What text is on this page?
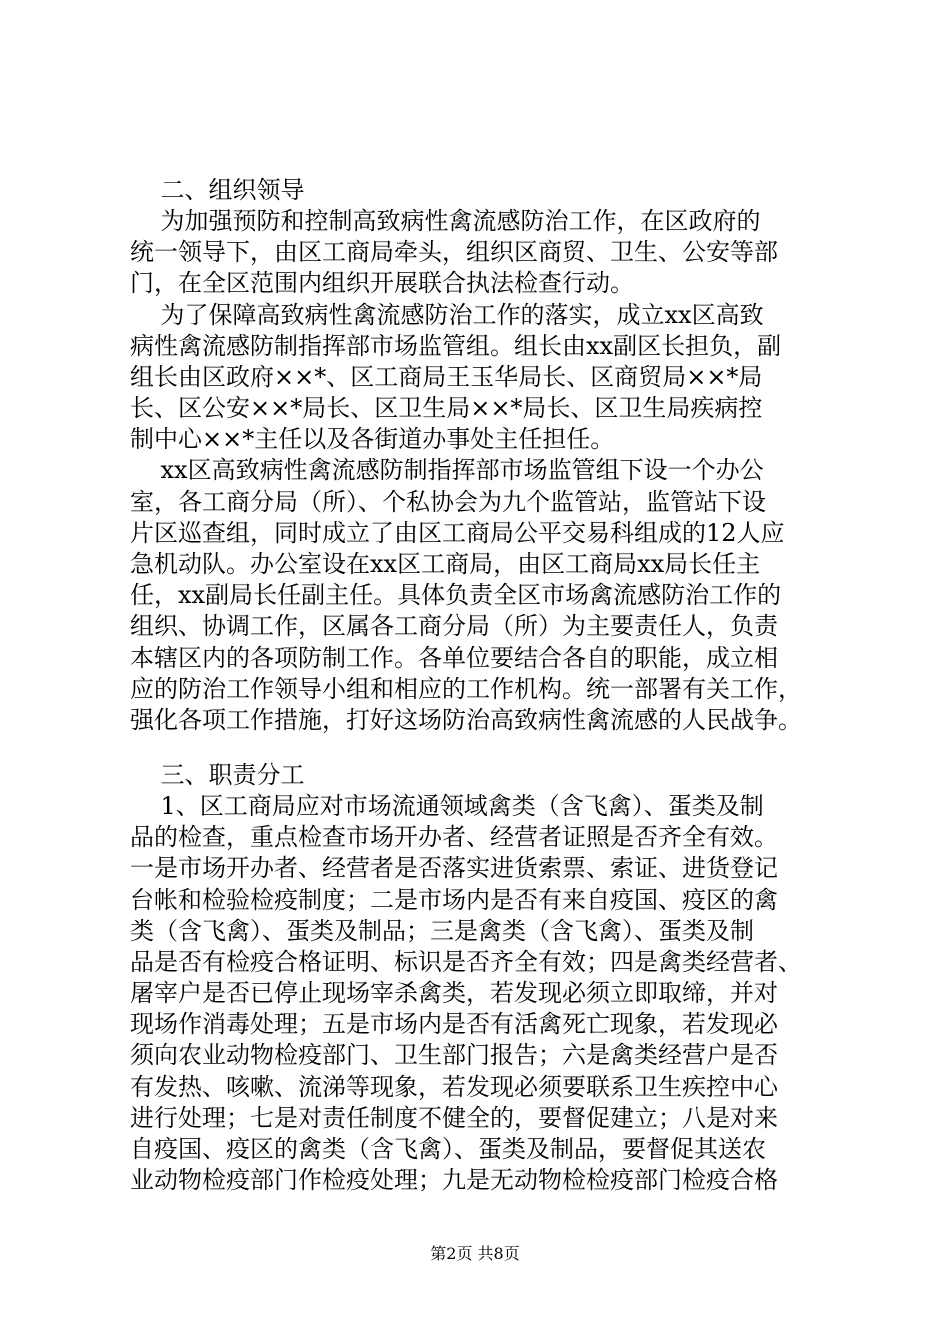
二、组织领导
为加强预防和控制高致病性禽流感防治工作，在区政府的
统一领导下，由区工商局牵头，组织区商贸、卫生、公安等部
门，在全区范围内组织开展联合执法检查行动。
为了保障高致病性禽流感防治工作的落实，成立xx区高致
病性禽流感防制指挥部市场监管组。组长由xx副区长担负，副
组长由区政府××*、区工商局王玉华局长、区商贸局××*局
长、区公安××*局长、区卫生局××*局长、区卫生局疾病控
制中心××*主任以及各街道办事处主任担任。
xx区高致病性禽流感防制指挥部市场监管组下设一个办公
室，各工商分局（所）、个私协会为九个监管站，监管站下设
片区巡查组，同时成立了由区工商局公平交易科组成的12人应
急机动队。办公室设在xx区工商局，由区工商局xx局长任主
任，xx副局长任副主任。具体负责全区市场禽流感防治工作的
组织、协调工作，区属各工商分局（所）为主要责任人，负责
本辖区内的各项防制工作。各单位要结合各自的职能，成立相
应的防治工作领导小组和相应的工作机构。统一部署有关工作，
强化各项工作措施，打好这场防治高致病性禽流感的人民战争。
三、职责分工
1、区工商局应对市场流通领域禽类（含飞禽）、蛋类及制
品的检查，重点检查市场开办者、经营者证照是否齐全有效。
一是市场开办者、经营者是否落实进货索票、索证、进货登记
台帐和检验检疫制度；二是市场内是否有来自疫国、疫区的禽
类（含飞禽）、蛋类及制品；三是禽类（含飞禽）、蛋类及制
品是否有检疫合格证明、标识是否齐全有效；四是禽类经营者、
屠宰户是否已停止现场宰杀禽类，若发现必须立即取缔，并对
现场作消毒处理；五是市场内是否有活禽死亡现象，若发现必
须向农业动物检疫部门、卫生部门报告；六是禽类经营户是否
有发热、咳嗽、流涕等现象，若发现必须要联系卫生疾控中心
进行处理；七是对责任制度不健全的，要督促建立；八是对来
自疫国、疫区的禽类（含飞禽）、蛋类及制品，要督促其送农
业动物检疫部门作检疫处理；九是无动物检检疫部门检疫合格
第2页 共8页
